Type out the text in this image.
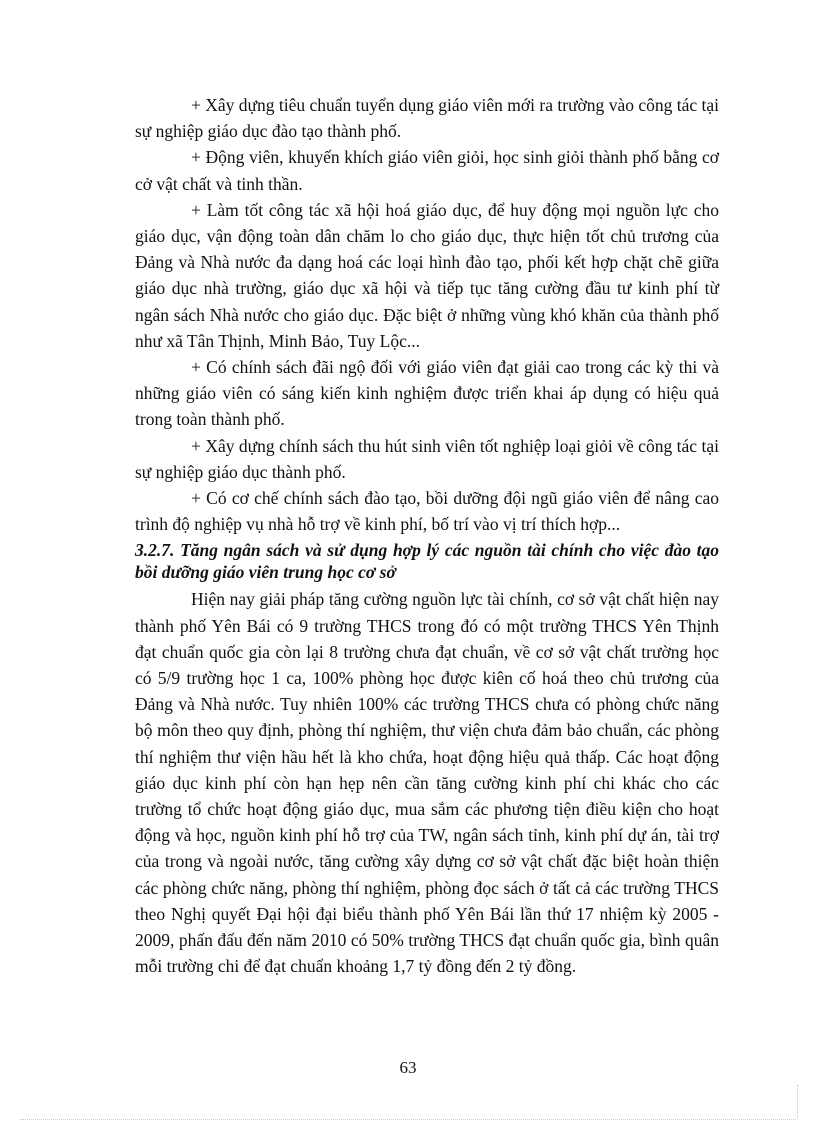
+ Xây dựng tiêu chuẩn tuyển dụng giáo viên mới ra trường vào công tác tại sự nghiệp giáo dục đào tạo thành phố.

+ Động viên, khuyến khích giáo viên giỏi, học sinh giỏi thành phố bằng cơ cở vật chất và tinh thần.

+ Làm tốt công tác xã hội hoá giáo dục, để huy động mọi nguồn lực cho giáo dục, vận động toàn dân chăm lo cho giáo dục, thực hiện tốt chủ trương của Đảng và Nhà nước đa dạng hoá các loại hình đào tạo, phối kết hợp chặt chẽ giữa giáo dục nhà trường, giáo dục xã hội và tiếp tục tăng cường đầu tư kinh phí từ ngân sách Nhà nước cho giáo dục. Đặc biệt ở những vùng khó khăn của thành phố như xã Tân Thịnh, Minh Bảo, Tuy Lộc...

+ Có chính sách đãi ngộ đối với giáo viên đạt giải cao trong các kỳ thi và những giáo viên có sáng kiến kinh nghiệm được triển khai áp dụng có hiệu quả trong toàn thành phố.

+ Xây dựng chính sách thu hút sinh viên tốt nghiệp loại giỏi về công tác tại sự nghiệp giáo dục thành phố.

+ Có cơ chế chính sách đào tạo, bồi dưỡng đội ngũ giáo viên để nâng cao trình độ nghiệp vụ nhà hỗ trợ về kinh phí, bố trí vào vị trí thích hợp...

3.2.7. Tăng ngân sách và sử dụng hợp lý các nguồn tài chính cho việc đào tạo bồi dưỡng giáo viên trung học cơ sở

Hiện nay giải pháp tăng cường nguồn lực tài chính, cơ sở vật chất hiện nay thành phố Yên Bái có 9 trường THCS trong đó có một trường THCS Yên Thịnh đạt chuẩn quốc gia còn lại 8 trường chưa đạt chuẩn, về cơ sở vật chất trường học có 5/9 trường học 1 ca, 100% phòng học được kiên cố hoá theo chủ trương của Đảng và Nhà nước. Tuy nhiên 100% các trường THCS chưa có phòng chức năng bộ môn theo quy định, phòng thí nghiệm, thư viện chưa đảm bảo chuẩn, các phòng thí nghiệm thư viện hầu hết là kho chứa, hoạt động hiệu quả thấp. Các hoạt động giáo dục kinh phí còn hạn hẹp nên cần tăng cường kinh phí chi khác cho các trường tổ chức hoạt động giáo dục, mua sắm các phương tiện điều kiện cho hoạt động và học, nguồn kinh phí hỗ trợ của TW, ngân sách tỉnh, kinh phí dự án, tài trợ của trong và ngoài nước, tăng cường xây dựng cơ sở vật chất đặc biệt hoàn thiện các phòng chức năng, phòng thí nghiệm, phòng đọc sách ở tất cả các trường THCS theo Nghị quyết Đại hội đại biểu thành phố Yên Bái lần thứ 17 nhiệm kỳ 2005 - 2009, phấn đấu đến năm 2010 có 50% trường THCS đạt chuẩn quốc gia, bình quân mỗi trường chi để đạt chuẩn khoảng 1,7 tỷ đồng đến 2 tỷ đồng.

63
